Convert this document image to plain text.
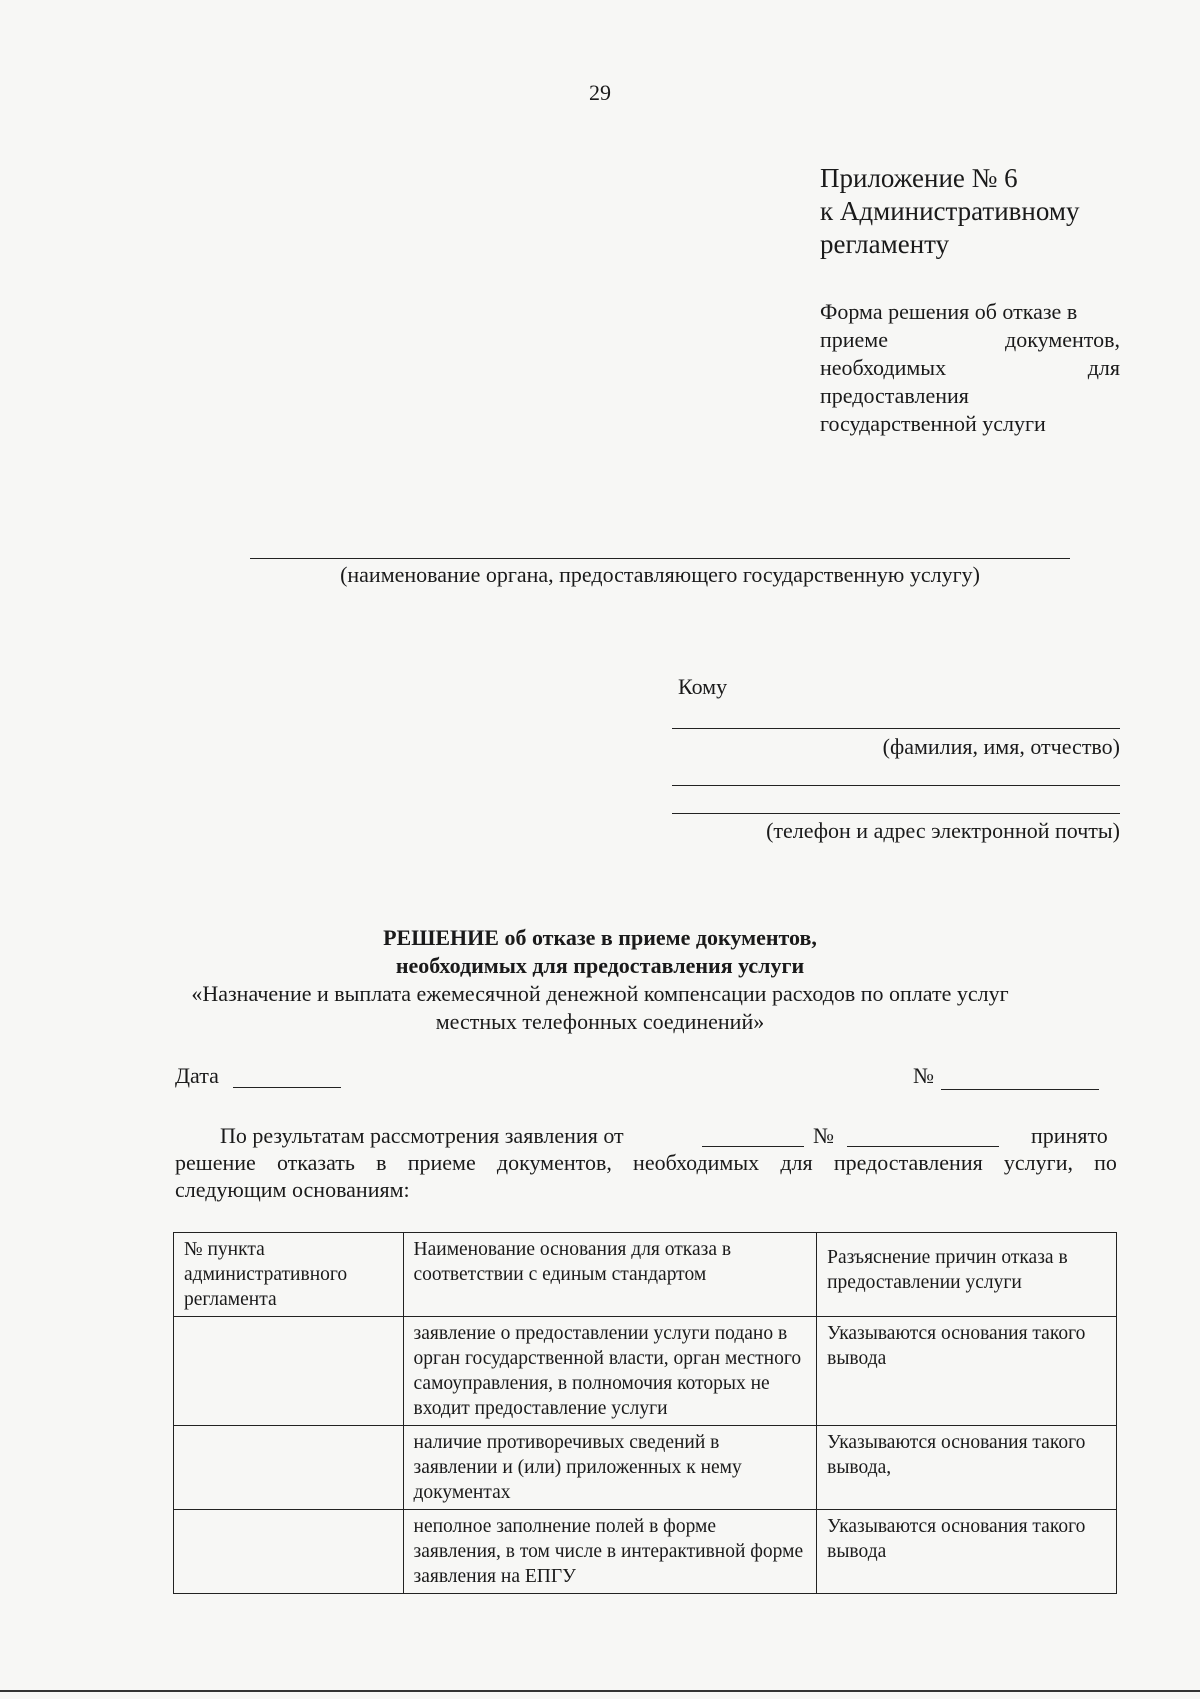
29
Приложение № 6
к Административному
регламенту
Форма решения об отказе в
приеме	документов,
необходимых	для
предоставления
государственной услуги
(наименование органа, предоставляющего государственную услугу)
Кому
(фамилия, имя, отчество)
(телефон и адрес электронной почты)
РЕШЕНИЕ об отказе в приеме документов,
необходимых для предоставления услуги
«Назначение и выплата ежемесячной денежной компенсации расходов по оплате услуг
местных телефонных соединений»
Дата	№
По результатам рассмотрения заявления от	№	принято
решение отказать в приеме документов, необходимых для предоставления услуги, по
следующим основаниям:
№ пункта административного регламента	Наименование основания для отказа в соответствии с единым стандартом	Разъяснение причин отказа в предоставлении услуги
	заявление о предоставлении услуги подано в орган государственной власти, орган местного самоуправления, в полномочия которых не входит предоставление услуги	Указываются основания такого вывода
	наличие противоречивых сведений в заявлении и (или) приложенных к нему документах	Указываются основания такого вывода,
	неполное заполнение полей в форме заявления, в том числе в интерактивной форме заявления на ЕПГУ	Указываются основания такого вывода
